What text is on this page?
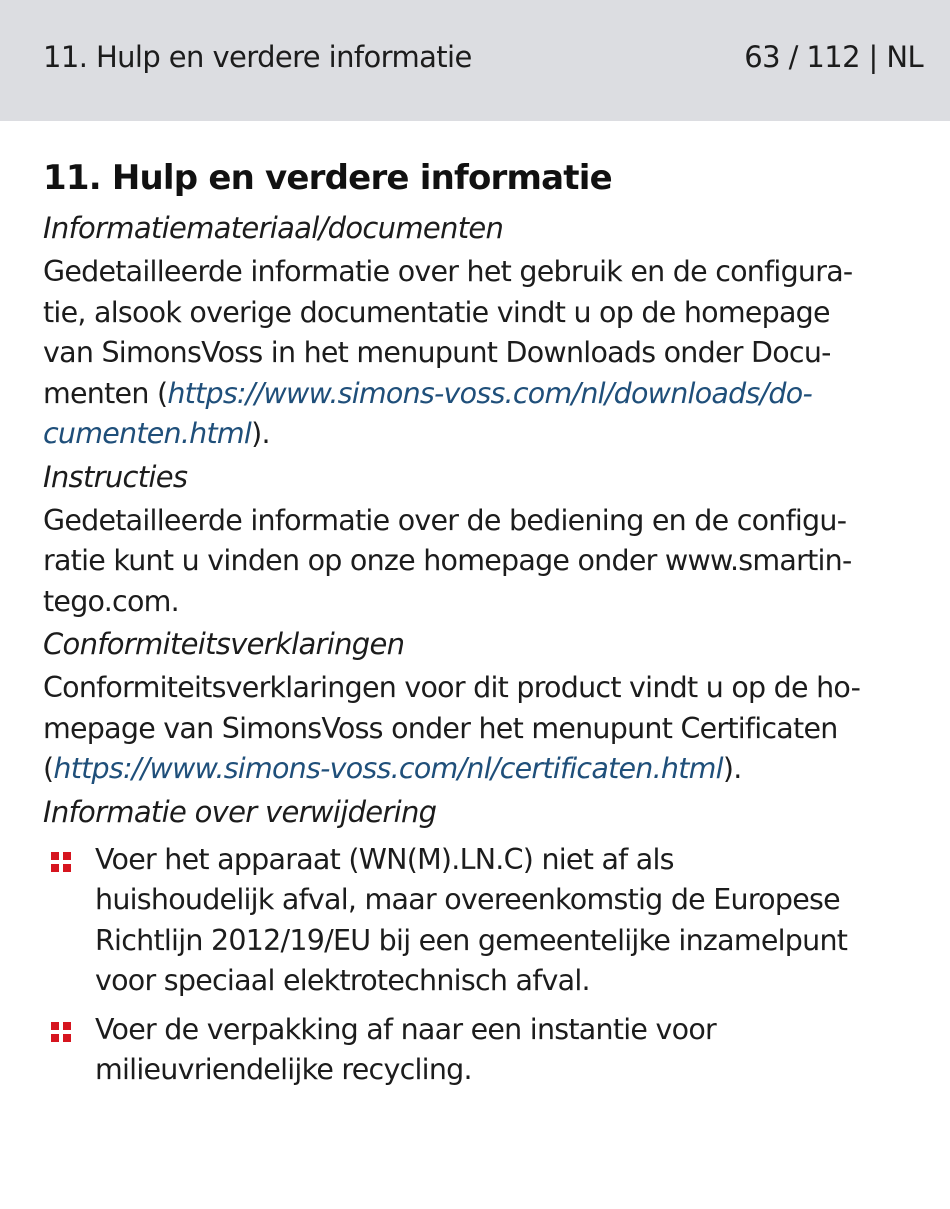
11. Hulp en verdere informatie	63 / 112 | NL
11. Hulp en verdere informatie
Informatiemateriaal/documenten

Gedetailleerde informatie over het gebruik en de configura-
tie, alsook overige documentatie vindt u op de homepage
van SimonsVoss in het menupunt Downloads onder Docu-
menten (https://www.simons-voss.com/nl/downloads/do-
cumenten.html).

Instructies

Gedetailleerde informatie over de bediening en de configu-
ratie kunt u vinden op onze homepage onder www.smartin-
tego.com.

Conformiteitsverklaringen

Conformiteitsverklaringen voor dit product vindt u op de ho-
mepage van SimonsVoss onder het menupunt Certificaten
(https://www.simons-voss.com/nl/certificaten.html).

Informatie over verwijdering
Voer het apparaat (WN(M).LN.C) niet af als
huishoudelijk afval, maar overeenkomstig de Europese
Richtlijn 2012/19/EU bij een gemeentelijke inzamelpunt
voor speciaal elektrotechnisch afval.
Voer de verpakking af naar een instantie voor
milieuvriendelijke recycling.
